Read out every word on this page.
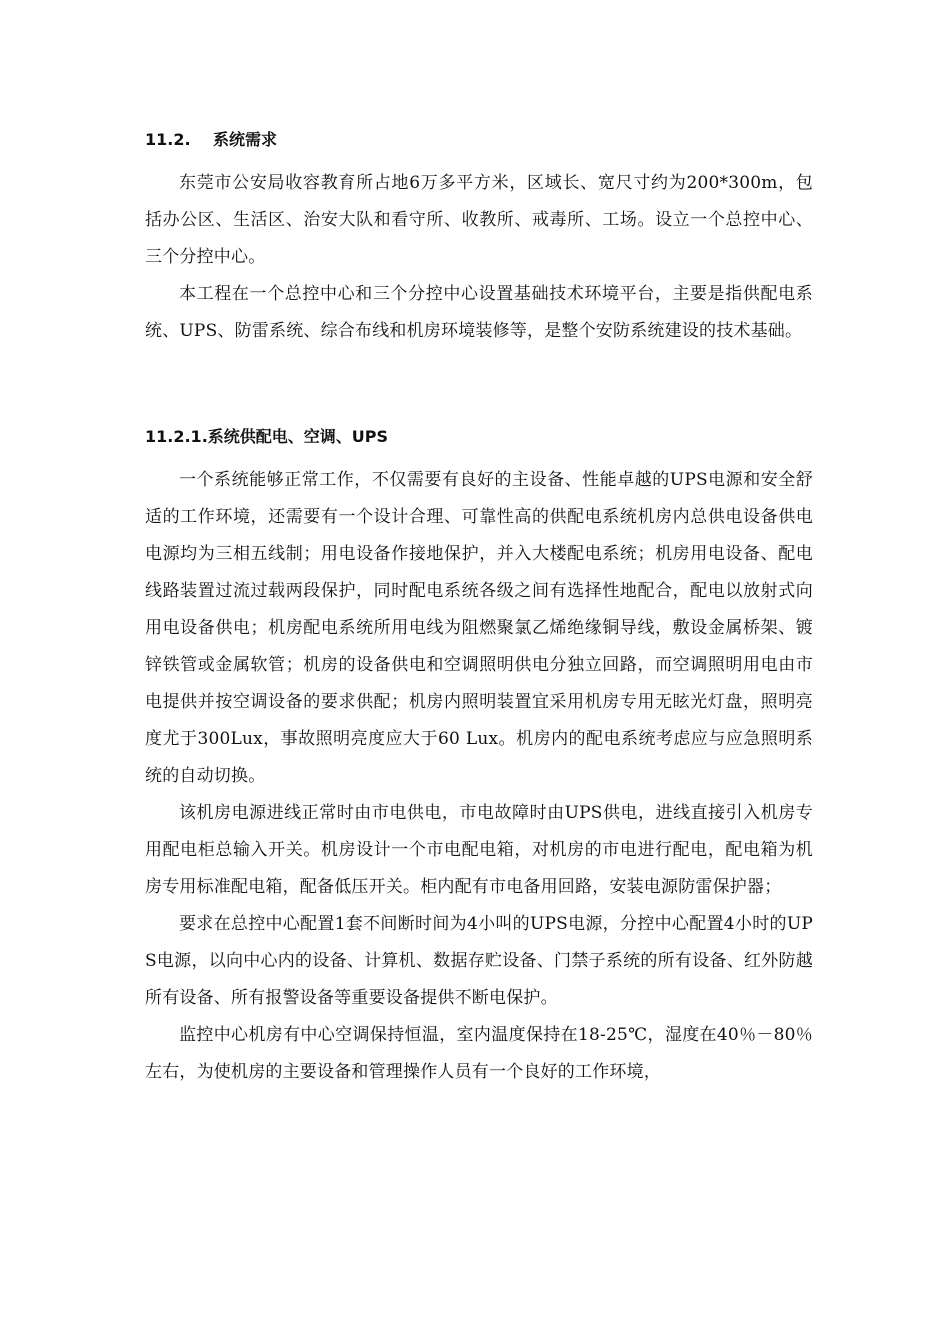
11.2. 系统需求

东莞市公安局收容教育所占地6万多平方米，区域长、宽尺寸约为200*300m，包括办公区、生活区、治安大队和看守所、收教所、戒毒所、工场。设立一个总控中心、三个分控中心。

本工程在一个总控中心和三个分控中心设置基础技术环境平台，主要是指供配电系统、UPS、防雷系统、综合布线和机房环境装修等，是整个安防系统建设的技术基础。

11.2.1.系统供配电、空调、UPS

一个系统能够正常工作，不仅需要有良好的主设备、性能卓越的UPS电源和安全舒适的工作环境，还需要有一个设计合理、可靠性高的供配电系统机房内总供电设备供电电源均为三相五线制；用电设备作接地保护，并入大楼配电系统；机房用电设备、配电线路装置过流过载两段保护，同时配电系统各级之间有选择性地配合，配电以放射式向用电设备供电；机房配电系统所用电线为阻燃聚氯乙烯绝缘铜导线，敷设金属桥架、镀锌铁管或金属软管；机房的设备供电和空调照明供电分独立回路，而空调照明用电由市电提供并按空调设备的要求供配；机房内照明装置宜采用机房专用无眩光灯盘，照明亮度尤于300Lux，事故照明亮度应大于60 Lux。机房内的配电系统考虑应与应急照明系统的自动切换。

该机房电源进线正常时由市电供电，市电故障时由UPS供电，进线直接引入机房专用配电柜总输入开关。机房设计一个市电配电箱，对机房的市电进行配电，配电箱为机房专用标准配电箱，配备低压开关。柜内配有市电备用回路，安装电源防雷保护器；

要求在总控中心配置1套不间断时间为4小叫的UPS电源，分控中心配置4小时的UPS电源，以向中心内的设备、计算机、数据存贮设备、门禁子系统的所有设备、红外防越所有设备、所有报警设备等重要设备提供不断电保护。

监控中心机房有中心空调保持恒温，室内温度保持在18-25℃，湿度在40％－80％左右，为使机房的主要设备和管理操作人员有一个良好的工作环境，
